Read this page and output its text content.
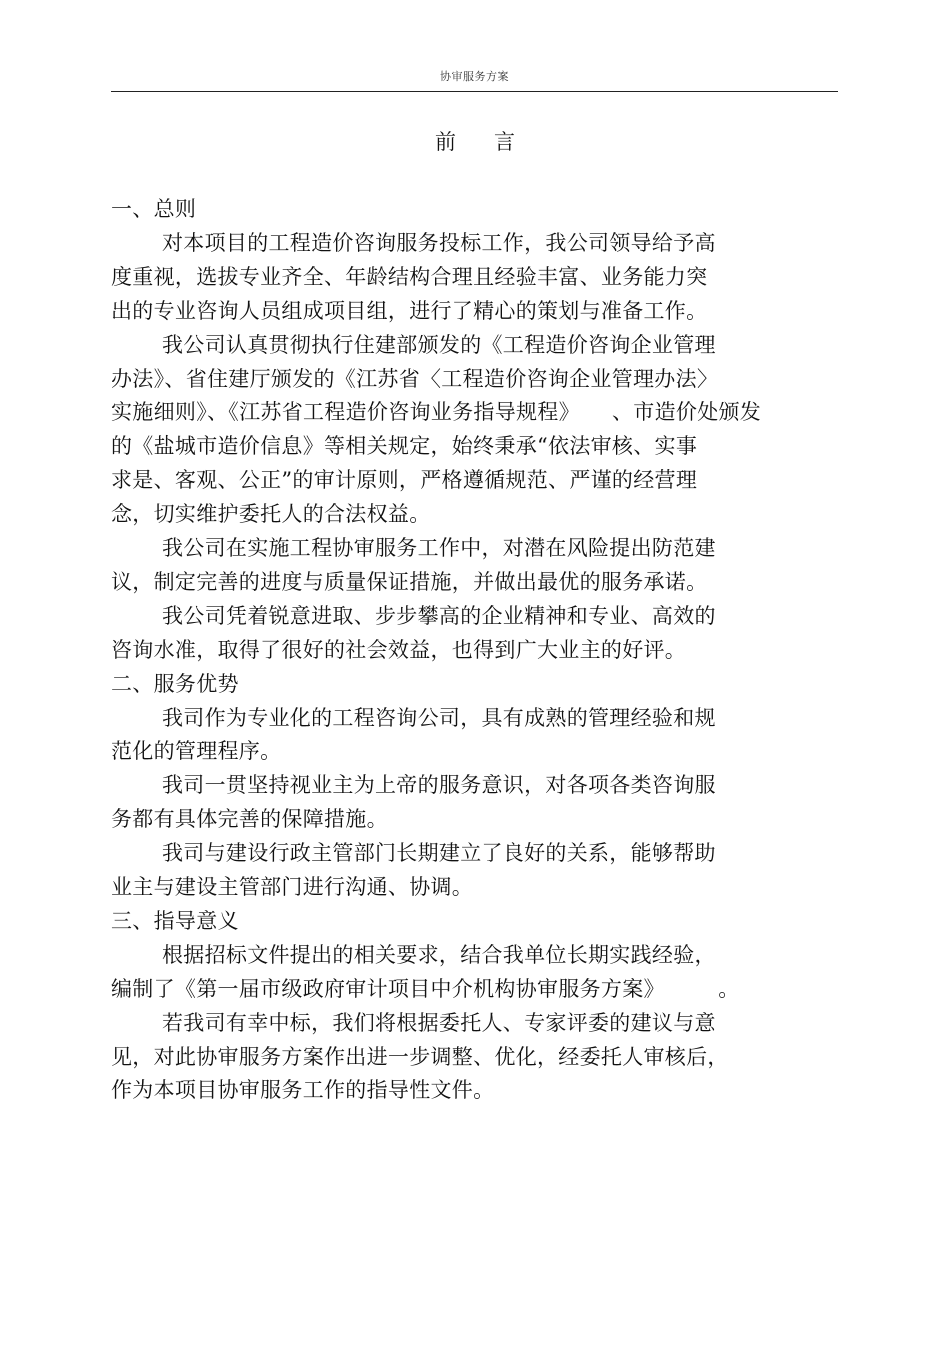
协审服务方案
前言
一、总则
对本项目的工程造价咨询服务投标工作，我公司领导给予高
度重视，选拔专业齐全、年龄结构合理且经验丰富、业务能力突
出的专业咨询人员组成项目组，进行了精心的策划与准备工作。
我公司认真贯彻执行住建部颁发的《工程造价咨询企业管理
办法》、省住建厅颁发的《江苏省〈工程造价咨询企业管理办法〉
实施细则》、《江苏省工程造价咨询业务指导规程》　　、市造价处颁发
的《盐城市造价信息》等相关规定，始终秉承“依法审核、实事
求是、客观、公正”的审计原则，严格遵循规范、严谨的经营理
念，切实维护委托人的合法权益。
我公司在实施工程协审服务工作中，对潜在风险提出防范建
议，制定完善的进度与质量保证措施，并做出最优的服务承诺。
我公司凭着锐意进取、步步攀高的企业精神和专业、高效的
咨询水准，取得了很好的社会效益，也得到广大业主的好评。
二、服务优势
我司作为专业化的工程咨询公司，具有成熟的管理经验和规
范化的管理程序。
我司一贯坚持视业主为上帝的服务意识，对各项各类咨询服
务都有具体完善的保障措施。
我司与建设行政主管部门长期建立了良好的关系，能够帮助
业主与建设主管部门进行沟通、协调。
三、指导意义
根据招标文件提出的相关要求，结合我单位长期实践经验，
编制了《第一届市级政府审计项目中介机构协审服务方案》　　　。
若我司有幸中标，我们将根据委托人、专家评委的建议与意
见，对此协审服务方案作出进一步调整、优化，经委托人审核后，
作为本项目协审服务工作的指导性文件。
